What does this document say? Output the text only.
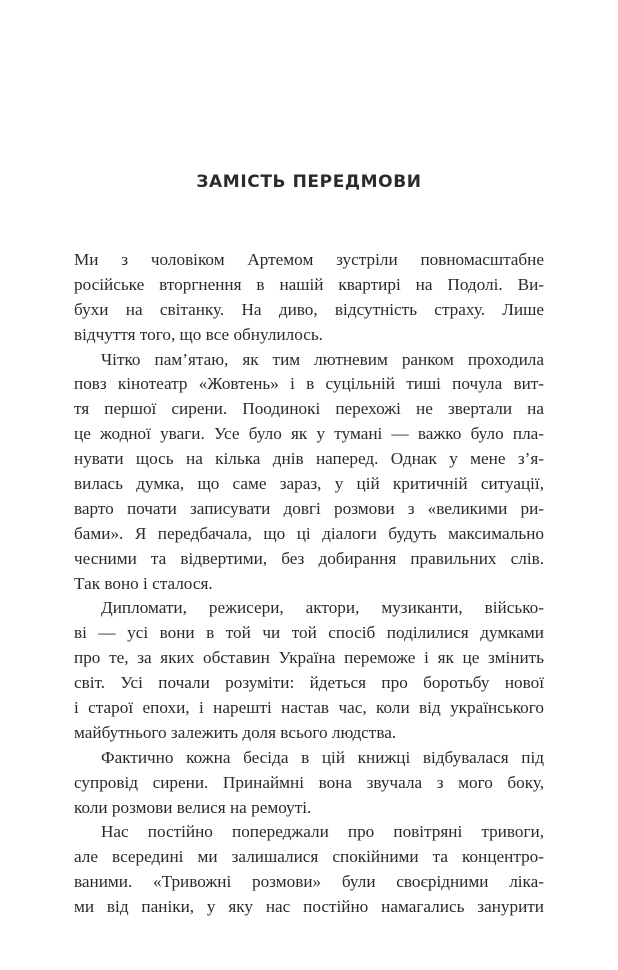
ЗАМІСТЬ ПЕРЕДМОВИ
Ми з чоловіком Артемом зустріли повномасштабне
російське вторгнення в нашій квартирі на Подолі. Ви-
бухи на світанку. На диво, відсутність страху. Лише
відчуття того, що все обнулилось.
Чітко пам’ятаю, як тим лютневим ранком проходила
повз кінотеатр «Жовтень» і в суцільній тиші почула вит-
тя першої сирени. Поодинокі перехожі не звертали на
це жодної уваги. Усе було як у тумані — важко було пла-
нувати щось на кілька днів наперед. Однак у мене з’я-
вилась думка, що саме зараз, у цій критичній ситуації,
варто почати записувати довгі розмови з «великими ри-
бами». Я передбачала, що ці діалоги будуть максимально
чесними та відвертими, без добирання правильних слів.
Так воно і сталося.
Дипломати, режисери, актори, музиканти, військо-
ві — усі вони в той чи той спосіб поділилися думками
про те, за яких обставин Україна переможе і як це змінить
світ. Усі почали розуміти: йдеться про боротьбу нової
і старої епохи, і нарешті настав час, коли від українського
майбутнього залежить доля всього людства.
Фактично кожна бесіда в цій книжці відбувалася під
супровід сирени. Принаймні вона звучала з мого боку,
коли розмови велися на ремоуті.
Нас постійно попереджали про повітряні тривоги,
але всередині ми залишалися спокійними та концентро-
ваними. «Тривожні розмови» були своєрідними ліка-
ми від паніки, у яку нас постійно намагались занурити
